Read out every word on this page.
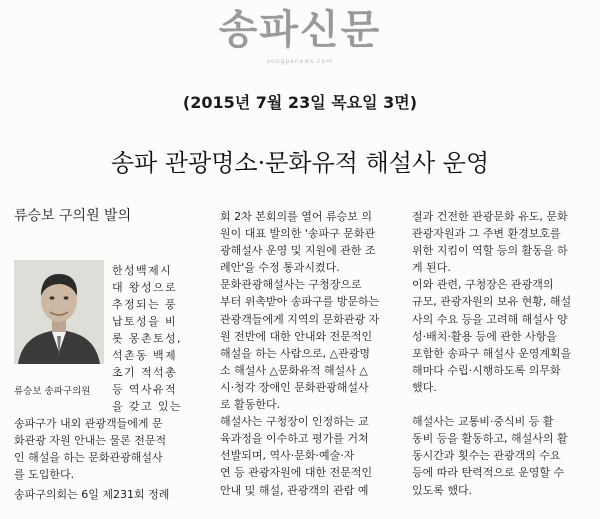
송파신문
songpanews.com
(2015년 7월 23일 목요일 3면)
송파 관광명소·문화유적 해설사 운영
류승보 구의원 발의
류승보 송파구의원
한성백제시
대 왕성으로
추정되는 풍
납토성을 비
롯 몽촌토성,
석촌동 백제
초기 적석총
등 역사유적
을 갖고 있는
송파구가 내외 관광객들에게 문
화관광 자원 안내는 물론 전문적
인 해설을 하는 문화관광해설사
를 도입한다.
송파구의회는 6일 제231회 정례
회 2차 본회의를 열어 류승보 의
원이 대표 발의한 '송파구 문화관
광해설사 운영 및 지원에 관한 조
례안'을 수정 통과시켰다.
문화관광해설사는 구청장으로
부터 위촉받아 송파구를 방문하는
관광객들에게 지역의 문화관광 자
원 전반에 대한 안내와 전문적인
해설을 하는 사람으로, △관광명
소 해설사 △문화유적 해설사 △
시·청각 장애인 문화관광해설사
로 활동한다.
해설사는 구청장이 인정하는 교
육과정을 이수하고 평가를 거쳐
선발되며, 역사·문화·예술·자
연 등 관광자원에 대한 전문적인
안내 및 해설, 관광객의 관람 예
절과 건전한 관광문화 유도, 문화
관광자원과 그 주변 환경보호를
위한 지킴이 역할 등의 활동을 하
게 된다.
이와 관련, 구청장은 관광객의
규모, 관광자원의 보유 현황, 해설
사의 수요 등을 고려해 해설사 양
성·배치·활용 등에 관한 사항을
포함한 송파구 해설사 운영계획을
해마다 수립·시행하도록 의무화
했다.

해설사는 교통비·중식비 등 활
동비 등을 활동하고, 해설사의 활
동시간과 횟수는 관광객의 수요
등에 따라 탄력적으로 운영할 수
있도록 했다.
